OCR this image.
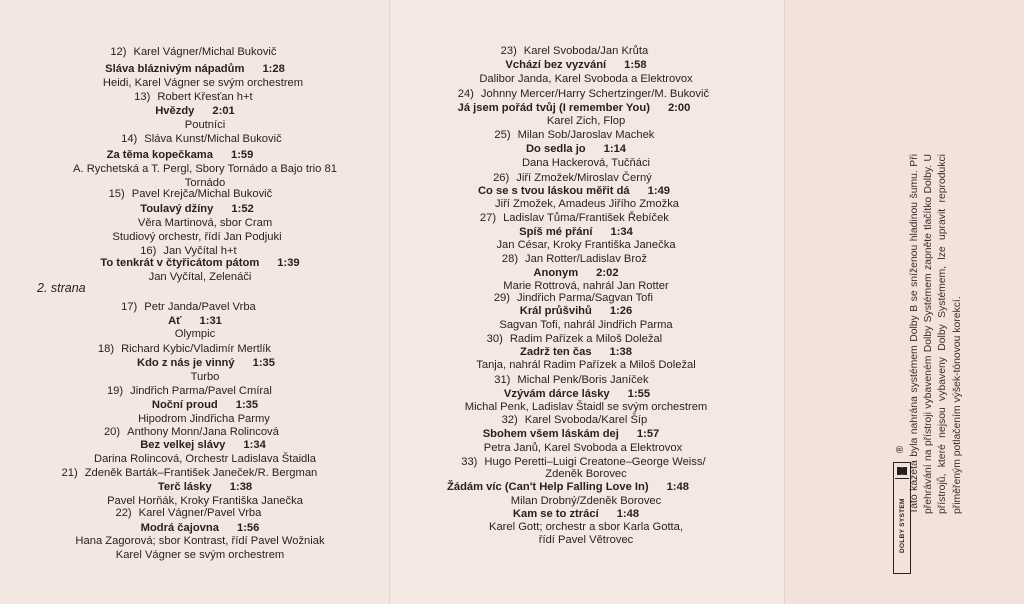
Karel Vágner/Michal Bukovič
12)
Sláva bláznivým nápadům 1:28
Heidi, Karel Vágner se svým orchestrem
Robert Křesťan h+t
13)
Hvězdy 2:01
Poutníci
Sláva Kunst/Michal Bukovič
14)
Za těma kopečkama 1:59
A. Rychetská a T. Pergl, Sbory Tornádo a Bajo trio 81
Tornádo
Pavel Krejča/Michal Bukovič
15)
Toulavý džíny 1:52
Věra Martinová, sbor Cram
Studiový orchestr, řídí Jan Podjuki
Jan Vyčítal h+t
16)
To tenkrát v čtyřicátom pátom 1:39
Jan Vyčítal, Zelenáči
Petr Janda/Pavel Vrba
17)
Ať 1:31
Olympic
Richard Kybic/Vladimír Mertlík
18)
Kdo z nás je vinný 1:35
Turbo
Jindřich Parma/Pavel Cmíral
19)
Noční proud 1:35
Hipodrom Jindřicha Parmy
Anthony Monn/Jana Rolincová
20)
Bez velkej slávy 1:34
Darina Rolincová, Orchestr Ladislava Štaidla
Zdeněk Barták–František Janeček/R. Bergman
21)
Terč lásky 1:38
Pavel Horňák, Kroky Františka Janečka
Karel Vágner/Pavel Vrba
22)
Modrá čajovna 1:56
Hana Zagorová; sbor Kontrast, řídí Pavel Wožniak
Karel Vágner se svým orchestrem
2. strana
Karel Svoboda/Jan Krůta
23)
Vchází bez vyzvání 1:58
Dalibor Janda, Karel Svoboda a Elektrovox
Johnny Mercer/Harry Schertzinger/M. Bukovič
24)
Já jsem pořád tvůj (I remember You) 2:00
Karel Zich, Flop
Milan Sob/Jaroslav Machek
25)
Do sedla jo 1:14
Dana Hackerová, Tučňáci
Jiří Zmožek/Miroslav Černý
26)
Co se s tvou láskou měřit dá 1:49
Jiří Zmožek, Amadeus Jiřího Zmožka
Ladislav Tůma/František Řebíček
27)
Spíš mé přání 1:34
Jan César, Kroky Františka Janečka
Jan Rotter/Ladislav Brož
28)
Anonym 2:02
Marie Rottrová, nahrál Jan Rotter
Jindřich Parma/Sagvan Tofi
29)
Král průšvihů 1:26
Sagvan Tofi, nahrál Jindřich Parma
Radim Pařízek a Miloš Doležal
30)
Zadrž ten čas 1:38
Tanja, nahrál Radim Pařízek a Miloš Doležal
Michal Penk/Boris Janíček
31)
Vzývám dárce lásky 1:55
Michal Penk, Ladislav Štaidl se svým orchestrem
Karel Svoboda/Karel Šíp
32)
Sbohem všem láskám dej 1:57
Petra Janů, Karel Svoboda a Elektrovox
Hugo Peretti–Luigi Creatone–George Weiss/
33)
Zdeněk Borovec
Žádám víc (Can't Help Falling Love In) 1:48
Milan Drobný/Zdeněk Borovec
Kam se to ztrácí 1:48
Karel Gott; orchestr a sbor Karla Gotta,
řídí Pavel Větrovec
Tato kazeta byla nahrána systémem Dolby B se sníženou hladinou šumu. Při přehrávání na přístroji vybaveném Dolby Systémem zapněte tlačítko Dolby. U přístrojů, které nejsou vybaveny Dolby Systémem, lze upravit reprodukci přiměřeným potlačením výšek-tónovou korekcí.
DOLBY SYSTEM
®
